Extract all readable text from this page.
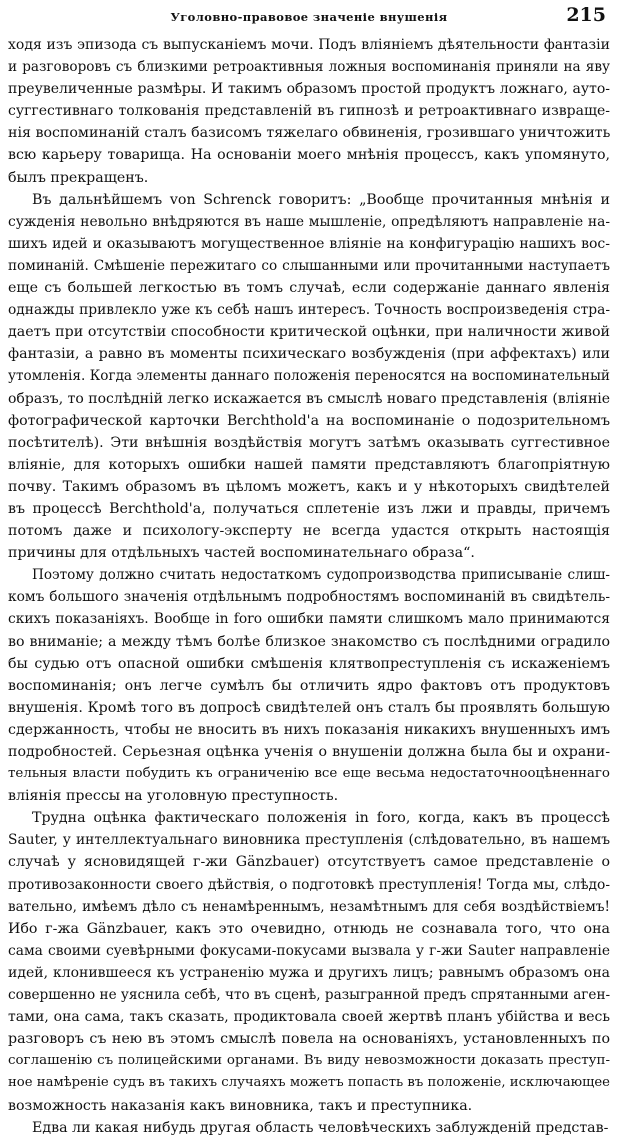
Уголовно-правовое значеніе внушенія	215

ходя изъ эпизода съ выпусканіемъ мочи. Подъ вліяніемъ дѣятельности фантазіи
и разговоровъ съ близкими ретроактивныя ложныя воспоминанія приняли на яву
преувеличенные размѣры. И такимъ образомъ простой продуктъ ложнаго, ауто-
суггестивнаго толкованія представленій въ гипнозѣ и ретроактивнаго извраще-
нія воспоминаній сталъ базисомъ тяжелаго обвиненія, грозившаго уничтожить
всю карьеру товарища. На основаніи моего мнѣнія процессъ, какъ упомянуто,
былъ прекращенъ.

Въ дальнѣйшемъ von Schrenck говоритъ: „Вообще прочитанныя мнѣнія и
сужденія невольно внѣдряются въ наше мышленіе, опредѣляютъ направленіе на-
шихъ идей и оказываютъ могущественное вліяніе на конфигурацію нашихъ вос-
поминаній. Смѣшеніе пережитаго со слышанными или прочитанными наступаетъ
еще съ большей легкостью въ томъ случаѣ, если содержаніе даннаго явленія
однажды привлекло уже къ себѣ нашъ интересъ. Точность воспроизведенія стра-
даетъ при отсутствіи способности критической оцѣнки, при наличности живой
фантазіи, а равно въ моменты психическаго возбужденія (при аффектахъ) или
утомленія. Когда элементы даннаго положенія переносятся на воспоминательный
образъ, то послѣдній легко искажается въ смыслѣ новаго представленія (вліяніе
фотографической карточки Berchthold'a на воспоминаніе о подозрительномъ
посѣтителѣ). Эти внѣшнія воздѣйствія могутъ затѣмъ оказывать суггестивное
вліяніе, для которыхъ ошибки нашей памяти представляютъ благопріятную
почву. Такимъ образомъ въ цѣломъ можетъ, какъ и у нѣкоторыхъ свидѣтелей
въ процессѣ Berchthold'a, получаться сплетеніе изъ лжи и правды, причемъ
потомъ даже и психологу-эксперту не всегда удастся открыть настоящія
причины для отдѣльныхъ частей воспоминательнаго образа“.

Поэтому должно считать недостаткомъ судопроизводства приписываніе слиш-
комъ большого значенія отдѣльнымъ подробностямъ воспоминаній въ свидѣтель-
скихъ показаніяхъ. Вообще in foro ошибки памяти слишкомъ мало принимаются
во вниманіе; а между тѣмъ болѣе близкое знакомство съ послѣдними оградило
бы судью отъ опасной ошибки смѣшенія клятвопреступленія съ искаженіемъ
воспоминанія; онъ легче сумѣлъ бы отличить ядро фактовъ отъ продуктовъ
внушенія. Кромѣ того въ допросѣ свидѣтелей онъ сталъ бы проявлять большую
сдержанность, чтобы не вносить въ нихъ показанія никакихъ внушенныхъ имъ
подробностей. Серьезная оцѣнка ученія о внушеніи должна была бы и охрани-
тельныя власти побудить къ ограниченію все еще весьма недостаточнооцѣненнаго
вліянія прессы на уголовную преступность.

Трудна оцѣнка фактическаго положенія in foro, когда, какъ въ процессѣ
Sauter, у интеллектуальнаго виновника преступленія (слѣдовательно, въ нашемъ
случаѣ у ясновидящей г-жи Gänzbauer) отсутствуетъ самое представленіе о
противозаконности своего дѣйствія, о подготовкѣ преступленія! Тогда мы, слѣдо-
вательно, имѣемъ дѣло съ ненамѣреннымъ, незамѣтнымъ для себя воздѣйствіемъ!
Ибо г-жа Gänzbauer, какъ это очевидно, отнюдь не сознавала того, что она
сама своими суевѣрными фокусами-покусами вызвала у г-жи Sauter направленіе
идей, клонившееся къ устраненію мужа и другихъ лицъ; равнымъ образомъ она
совершенно не уяснила себѣ, что въ сценѣ, разыгранной предъ спрятанными аген-
тами, она сама, такъ сказать, продиктовала своей жертвѣ планъ убійства и весь
разговоръ съ нею въ этомъ смыслѣ повела на основаніяхъ, установленныхъ по
соглашенію съ полицейскими органами. Въ виду невозможности доказать преступ-
ное намѣреніе судъ въ такихъ случаяхъ можетъ попасть въ положеніе, исключающее
возможность наказанія какъ виновника, такъ и преступника.

Едва ли какая нибудь другая область человѣческихъ заблужденій представ-
